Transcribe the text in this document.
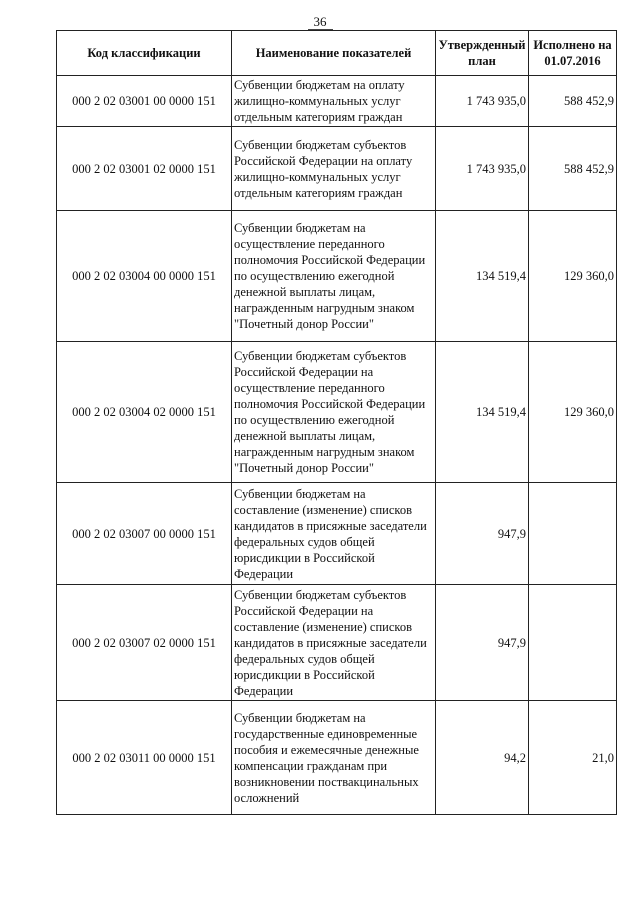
36
Код классификации	Наименование показателей	Утвержденный план	Исполнено на 01.07.2016
000 2 02 03001 00 0000 151	Субвенции бюджетам на оплату жилищно-коммунальных услуг отдельным категориям граждан	1 743 935,0	588 452,9
000 2 02 03001 02 0000 151	Субвенции бюджетам субъектов Российской Федерации на оплату жилищно-коммунальных услуг отдельным категориям граждан	1 743 935,0	588 452,9
000 2 02 03004 00 0000 151	Субвенции бюджетам на осуществление переданного полномочия Российской Федерации по осуществлению ежегодной денежной выплаты лицам, награжденным нагрудным знаком "Почетный донор России"	134 519,4	129 360,0
000 2 02 03004 02 0000 151	Субвенции бюджетам субъектов Российской Федерации на осуществление переданного полномочия Российской Федерации по осуществлению ежегодной денежной выплаты лицам, награжденным нагрудным знаком "Почетный донор России"	134 519,4	129 360,0
000 2 02 03007 00 0000 151	Субвенции бюджетам на составление (изменение) списков кандидатов в присяжные заседатели федеральных судов общей юрисдикции в Российской Федерации	947,9	
000 2 02 03007 02 0000 151	Субвенции бюджетам субъектов Российской Федерации на составление (изменение) списков кандидатов в присяжные заседатели федеральных судов общей юрисдикции в Российской Федерации	947,9	
000 2 02 03011 00 0000 151	Субвенции бюджетам на государственные единовременные пособия и ежемесячные денежные компенсации гражданам при возникновении поствакцинальных осложнений	94,2	21,0
